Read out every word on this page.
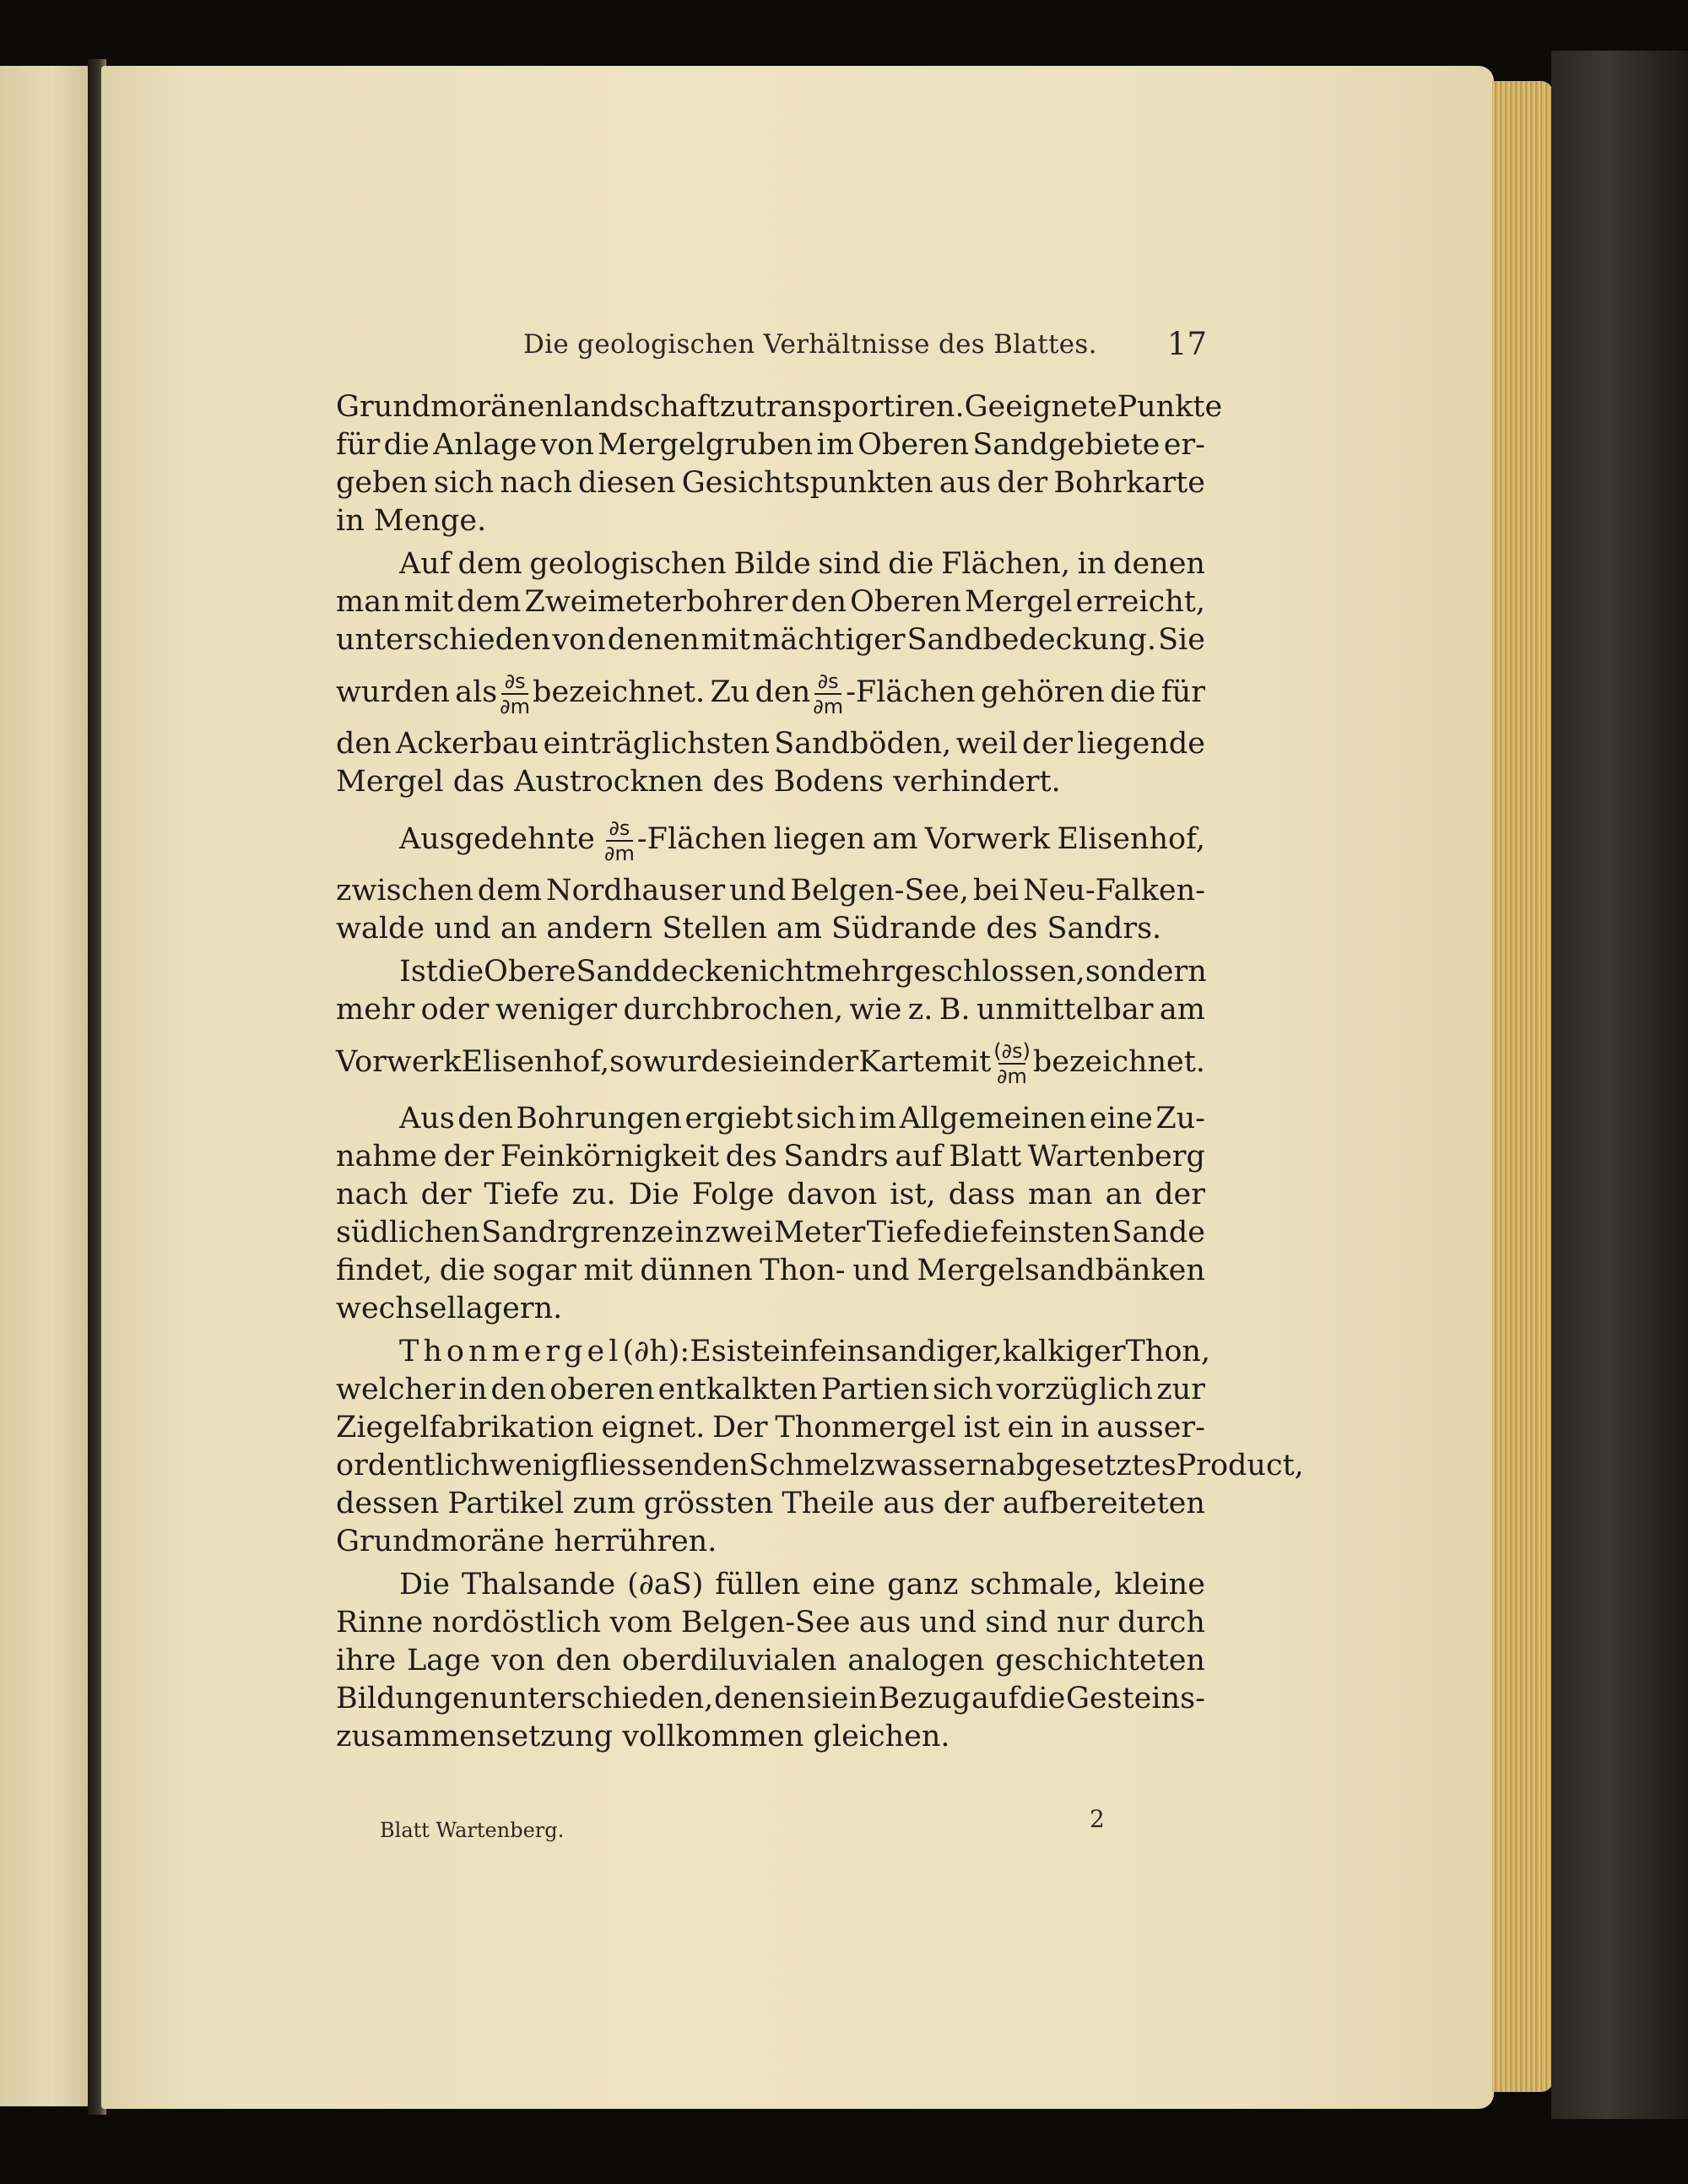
Die geologischen Verhältnisse des Blattes. 17
Grundmoränenlandschaft zu transportiren. Geeignete Punkte
für die Anlage von Mergelgruben im Oberen Sandgebiete er-
geben sich nach diesen Gesichtspunkten aus der Bohrkarte
in Menge.
Auf dem geologischen Bilde sind die Flächen, in denen
man mit dem Zweimeterbohrer den Oberen Mergel erreicht,
unterschieden von denen mit mächtiger Sandbedeckung. Sie
wurden als $\frac{\partial s}{\partial m}$ bezeichnet. Zu den $\frac{\partial s}{\partial m}$ -Flächen gehören die für
den Ackerbau einträglichsten Sandböden, weil der liegende
Mergel das Austrocknen des Bodens verhindert.
Ausgedehnte $\frac{\partial s}{\partial m}$ -Flächen liegen am Vorwerk Elisenhof,
zwischen dem Nordhauser und Belgen-See, bei Neu-Falken-
walde und an andern Stellen am Südrande des Sandrs.
Ist die Obere Sanddecke nicht mehr geschlossen, sondern
mehr oder weniger durchbrochen, wie z. B. unmittelbar am
Vorwerk Elisenhof, so wurde sie in der Karte mit $\frac{(\partial s)}{\partial m}$ bezeichnet.
Aus den Bohrungen ergiebt sich im Allgemeinen eine Zu-
nahme der Feinkörnigkeit des Sandrs auf Blatt Wartenberg
nach der Tiefe zu. Die Folge davon ist, dass man an der
südlichen Sandrgrenze in zwei Meter Tiefe die feinsten Sande
findet, die sogar mit dünnen Thon- und Mergelsandbänken
wechsellagern.
Thonmergel (∂h): Es ist ein feinsandiger, kalkiger Thon,
welcher in den oberen entkalkten Partien sich vorzüglich zur
Ziegelfabrikation eignet. Der Thonmergel ist ein in ausser-
ordentlich wenig fliessenden Schmelzwassern abgesetztes Product,
dessen Partikel zum grössten Theile aus der aufbereiteten
Grundmoräne herrühren.
Die Thalsande (∂aS) füllen eine ganz schmale, kleine
Rinne nordöstlich vom Belgen-See aus und sind nur durch
ihre Lage von den oberdiluvialen analogen geschichteten
Bildungen unterschieden, denen sie in Bezug auf die Gesteins-
zusammensetzung vollkommen gleichen.
Blatt Wartenberg.	2
